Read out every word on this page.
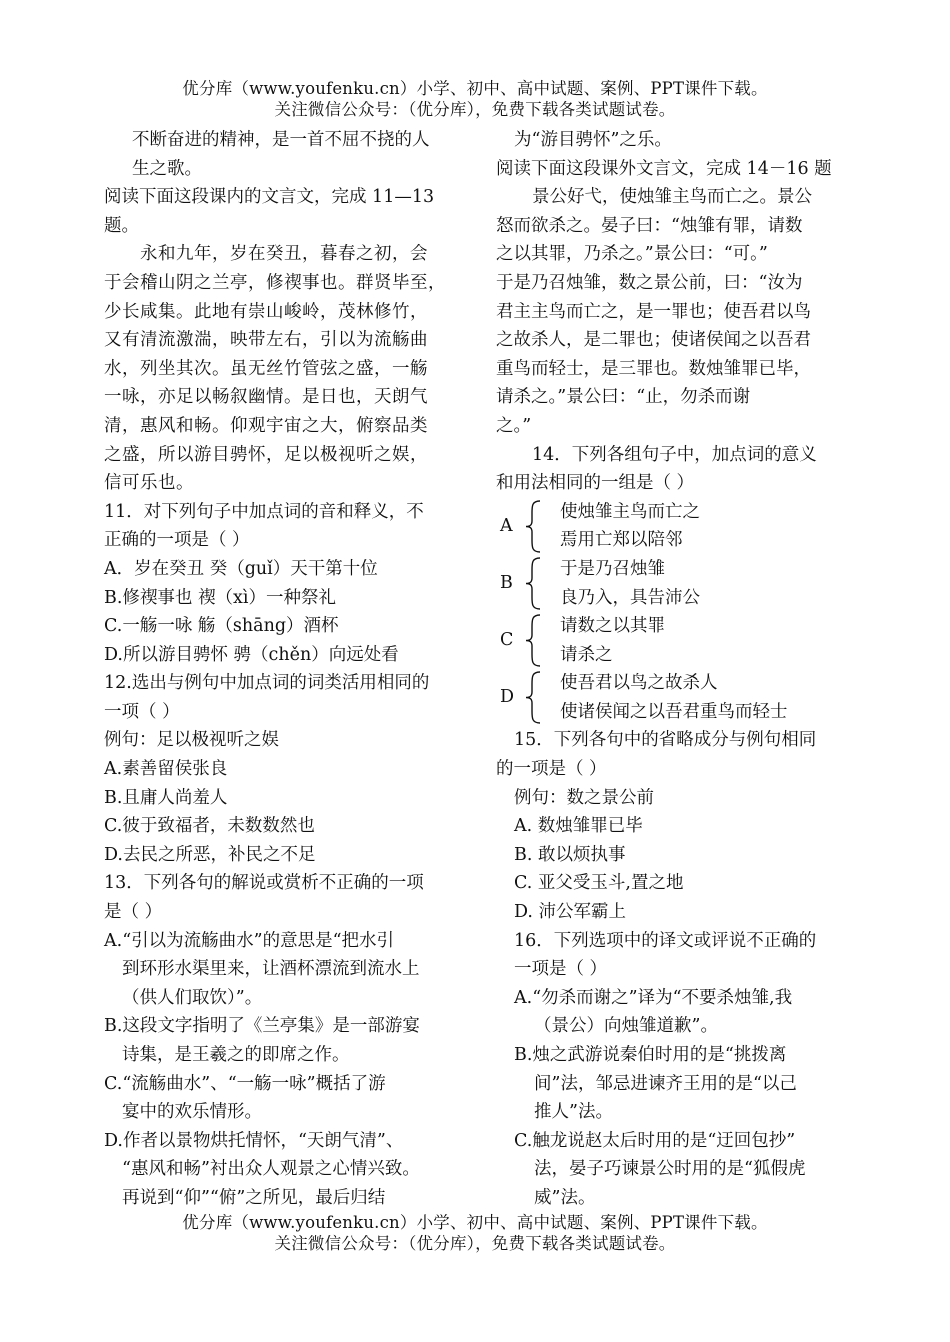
优分库（www.youfenku.cn）小学、初中、高中试题、案例、PPT课件下载。
关注微信公众号：（优分库），免费下载各类试题试卷。
不断奋进的精神，是一首不屈不挠的人
生之歌。
阅读下面这段课内的文言文，完成 11—13
题。
永和九年，岁在癸丑，暮春之初，会
于会稽山阴之兰亭，修禊事也。群贤毕至，
少长咸集。此地有崇山峻岭，茂林修竹，
又有清流激湍，映带左右，引以为流觞曲
水，列坐其次。虽无丝竹管弦之盛，一觞
一咏，亦足以畅叙幽情。是日也，天朗气
清，惠风和畅。仰观宇宙之大，俯察品类
之盛，所以游目骋怀，足以极视听之娱，
信可乐也。
11．对下列句子中加点词的音和释义，不
正确的一项是（ ）
A．岁在癸丑 癸（guǐ）天干第十位
B.修禊事也 禊（xì）一种祭礼
C.一觞一咏 觞（shāng）酒杯
D.所以游目骋怀 骋（chěn）向远处看
12.选出与例句中加点词的词类活用相同的
一项（ ）
例句：足以极视听之娱
A.素善留侯张良
B.且庸人尚羞人
C.彼于致福者，未数数然也
D.去民之所恶，补民之不足
13．下列各句的解说或赏析不正确的一项
是（ ）
A.“引以为流觞曲水”的意思是“把水引
到环形水渠里来，让酒杯漂流到流水上
（供人们取饮）”。
B.这段文字指明了《兰亭集》是一部游宴
诗集，是王羲之的即席之作。
C.“流觞曲水”、“一觞一咏”概括了游
宴中的欢乐情形。
D.作者以景物烘托情怀，“天朗气清”、
“惠风和畅”衬出众人观景之心情兴致。
再说到“仰”“俯”之所见，最后归结
为“游目骋怀”之乐。
阅读下面这段课外文言文，完成 14－16 题
景公好弋，使烛雏主鸟而亡之。景公
怒而欲杀之。晏子曰：“烛雏有罪，请数
之以其罪，乃杀之。”景公曰：“可。”
于是乃召烛雏，数之景公前，曰：“汝为
君主主鸟而亡之，是一罪也；使吾君以鸟
之故杀人，是二罪也；使诸侯闻之以吾君
重鸟而轻士，是三罪也。数烛雏罪已毕，
请杀之。”景公曰：“止，勿杀而谢
之。”
14．下列各组句子中，加点词的意义
和用法相同的一组是（ ）
A
使烛雏主鸟而亡之
焉用亡郑以陪邻
B
于是乃召烛雏
良乃入，具告沛公
C
请数之以其罪
请杀之
D
使吾君以鸟之故杀人
使诸侯闻之以吾君重鸟而轻士
15．下列各句中的省略成分与例句相同
的一项是（ ）
例句：数之景公前
A. 数烛雏罪已毕
B. 敢以烦执事
C. 亚父受玉斗,置之地
D. 沛公军霸上
16．下列选项中的译文或评说不正确的
一项是（ ）
A.“勿杀而谢之”译为“不要杀烛雏,我
（景公）向烛雏道歉”。
B.烛之武游说秦伯时用的是“挑拨离
间”法，邹忌进谏齐王用的是“以己
推人”法。
C.触龙说赵太后时用的是“迂回包抄”
法，晏子巧谏景公时用的是“狐假虎
威”法。
优分库（www.youfenku.cn）小学、初中、高中试题、案例、PPT课件下载。
关注微信公众号：（优分库），免费下载各类试题试卷。
